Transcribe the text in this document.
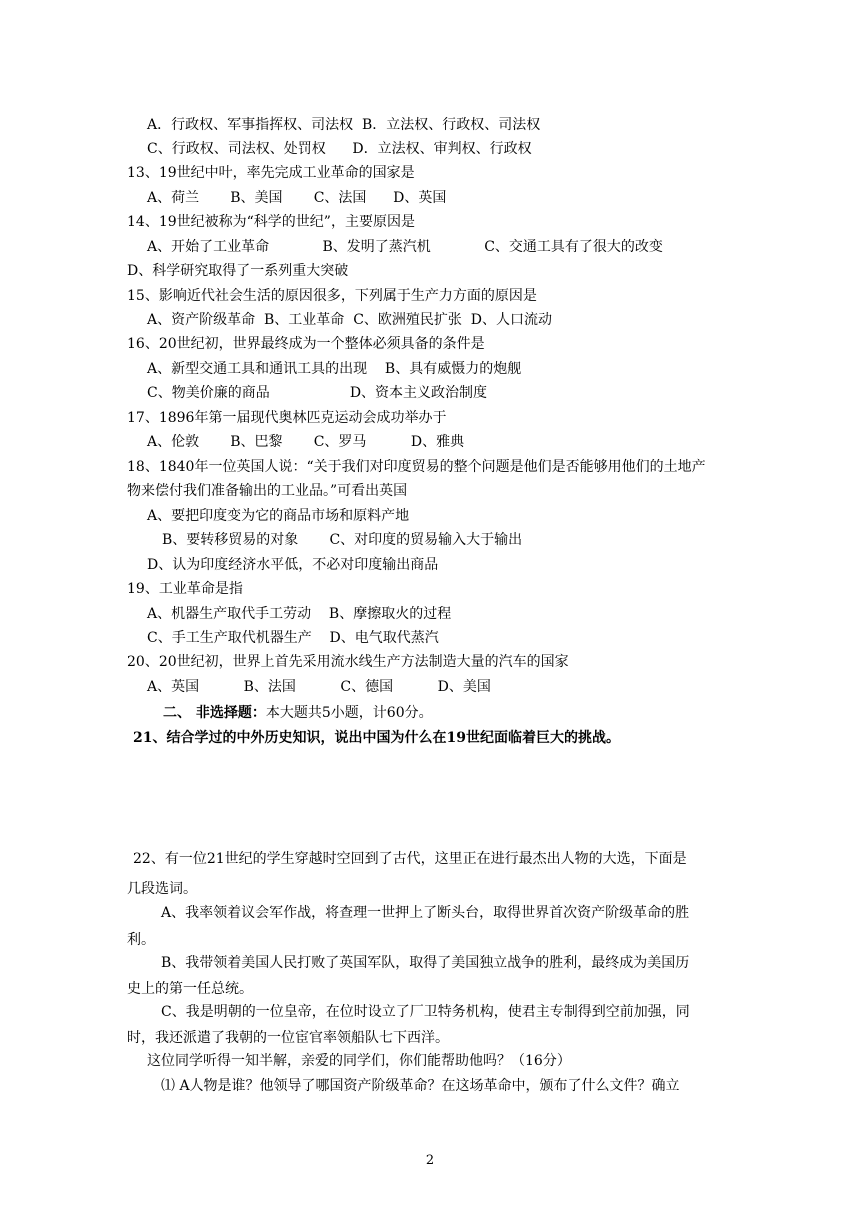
A．行政权、军事指挥权、司法权  B．立法权、行政权、司法权
C、行政权、司法权、处罚权      D．立法权、审判权、行政权
13、19世纪中叶，率先完成工业革命的国家是
A、荷兰       B、美国       C、法国      D、英国
14、19世纪被称为“科学的世纪”，主要原因是
A、开始了工业革命            B、发明了蒸汽机            C、交通工具有了很大的改变
D、科学研究取得了一系列重大突破
15、影响近代社会生活的原因很多，下列属于生产力方面的原因是
A、资产阶级革命  B、工业革命  C、欧洲殖民扩张  D、人口流动
16、20世纪初，世界最终成为一个整体必须具备的条件是
A、新型交通工具和通讯工具的出现    B、具有威慑力的炮舰
C、物美价廉的商品                  D、资本主义政治制度
17、1896年第一届现代奥林匹克运动会成功举办于
A、伦敦       B、巴黎       C、罗马          D、雅典
18、1840年一位英国人说：“关于我们对印度贸易的整个问题是他们是否能够用他们的土地产
物来偿付我们准备输出的工业品。”可看出英国
A、要把印度变为它的商品市场和原料产地
B、要转移贸易的对象       C、对印度的贸易输入大于输出
D、认为印度经济水平低，不必对印度输出商品
19、工业革命是指
A、机器生产取代手工劳动    B、摩擦取火的过程
C、手工生产取代机器生产    D、电气取代蒸汽
20、20世纪初，世界上首先采用流水线生产方法制造大量的汽车的国家
A、英国          B、法国          C、德国          D、美国
二、 非选择题：本大题共5小题，计60分。
21、结合学过的中外历史知识，说出中国为什么在19世纪面临着巨大的挑战。
22、有一位21世纪的学生穿越时空回到了古代，这里正在进行最杰出人物的大选，下面是
几段选词。
A、我率领着议会军作战，将查理一世押上了断头台，取得世界首次资产阶级革命的胜
利。
B、我带领着美国人民打败了英国军队，取得了美国独立战争的胜利，最终成为美国历
史上的第一任总统。
C、我是明朝的一位皇帝，在位时设立了厂卫特务机构，使君主专制得到空前加强，同
时，我还派遣了我朝的一位宦官率领船队七下西洋。
这位同学听得一知半解，亲爱的同学们，你们能帮助他吗？（16分）
⑴ A人物是谁？他领导了哪国资产阶级革命？在这场革命中，颁布了什么文件？确立
2
